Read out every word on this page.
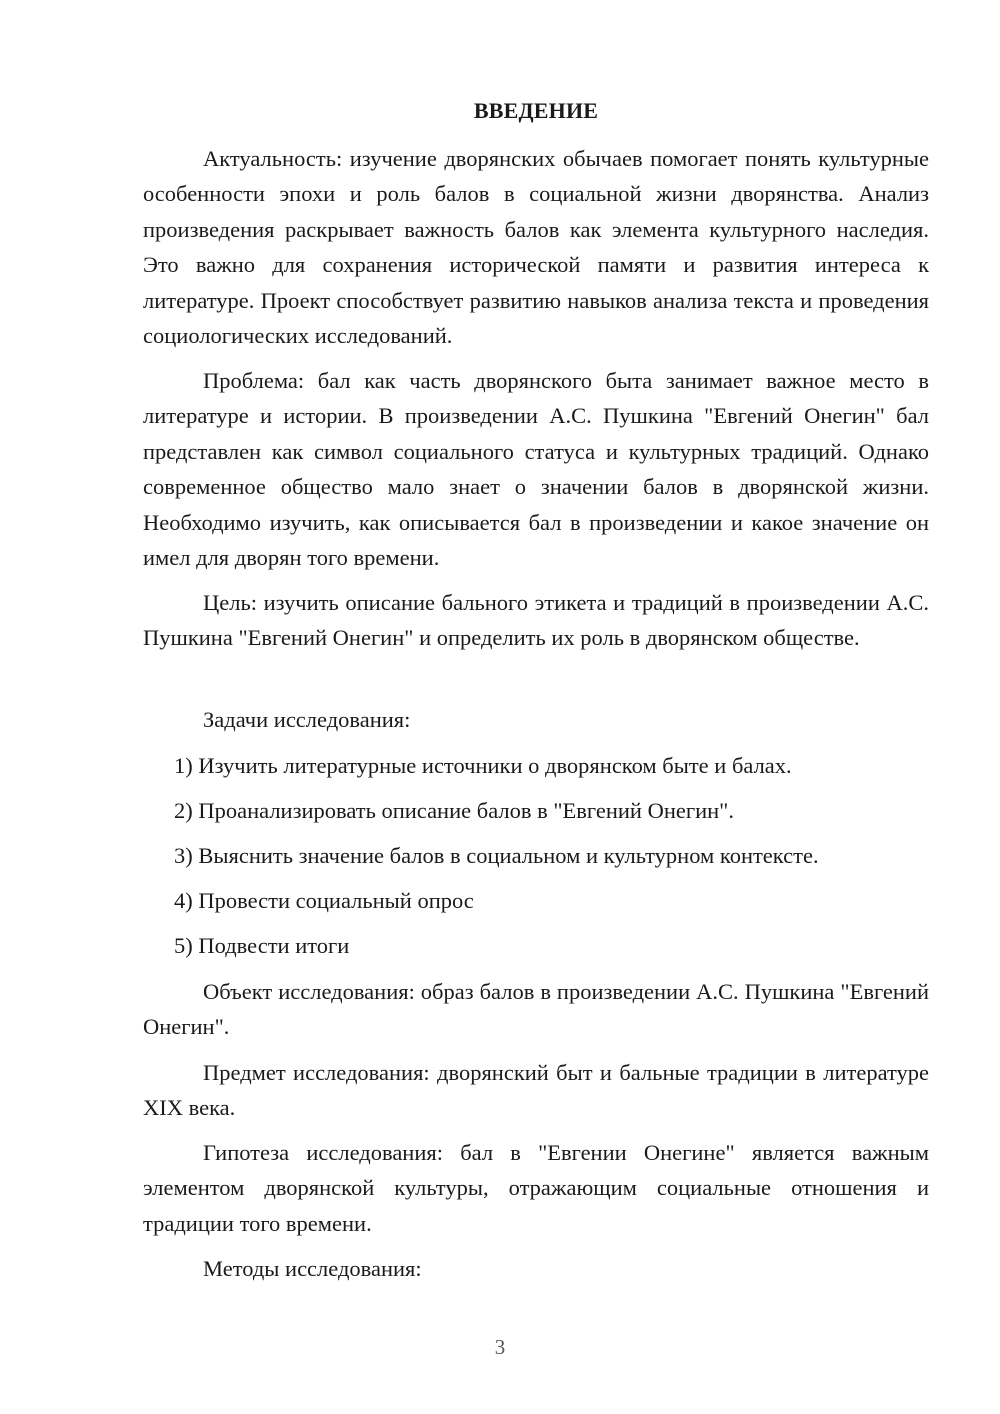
ВВЕДЕНИЕ

Актуальность: изучение дворянских обычаев помогает понять культурные особенности эпохи и роль балов в социальной жизни дворянства. Анализ произведения раскрывает важность балов как элемента культурного наследия. Это важно для сохранения исторической памяти и развития интереса к литературе. Проект способствует развитию навыков анализа текста и проведения социологических исследований.

Проблема: бал как часть дворянского быта занимает важное место в литературе и истории. В произведении А.С. Пушкина "Евгений Онегин" бал представлен как символ социального статуса и культурных традиций. Однако современное общество мало знает о значении балов в дворянской жизни. Необходимо изучить, как описывается бал в произведении и какое значение он имел для дворян того времени.

Цель: изучить описание бального этикета и традиций в произведении А.С. Пушкина "Евгений Онегин" и определить их роль в дворянском обществе.

Задачи исследования:

1) Изучить литературные источники о дворянском быте и балах.

2) Проанализировать описание балов в "Евгений Онегин".

3) Выяснить значение балов в социальном и культурном контексте.

4) Провести социальный опрос

5) Подвести итоги

Объект исследования: образ балов в произведении А.С. Пушкина "Евгений Онегин".

Предмет исследования: дворянский быт и бальные традиции в литературе XIX века.

Гипотеза исследования: бал в "Евгении Онегине" является важным элементом дворянской культуры, отражающим социальные отношения и традиции того времени.

Методы исследования:

3
